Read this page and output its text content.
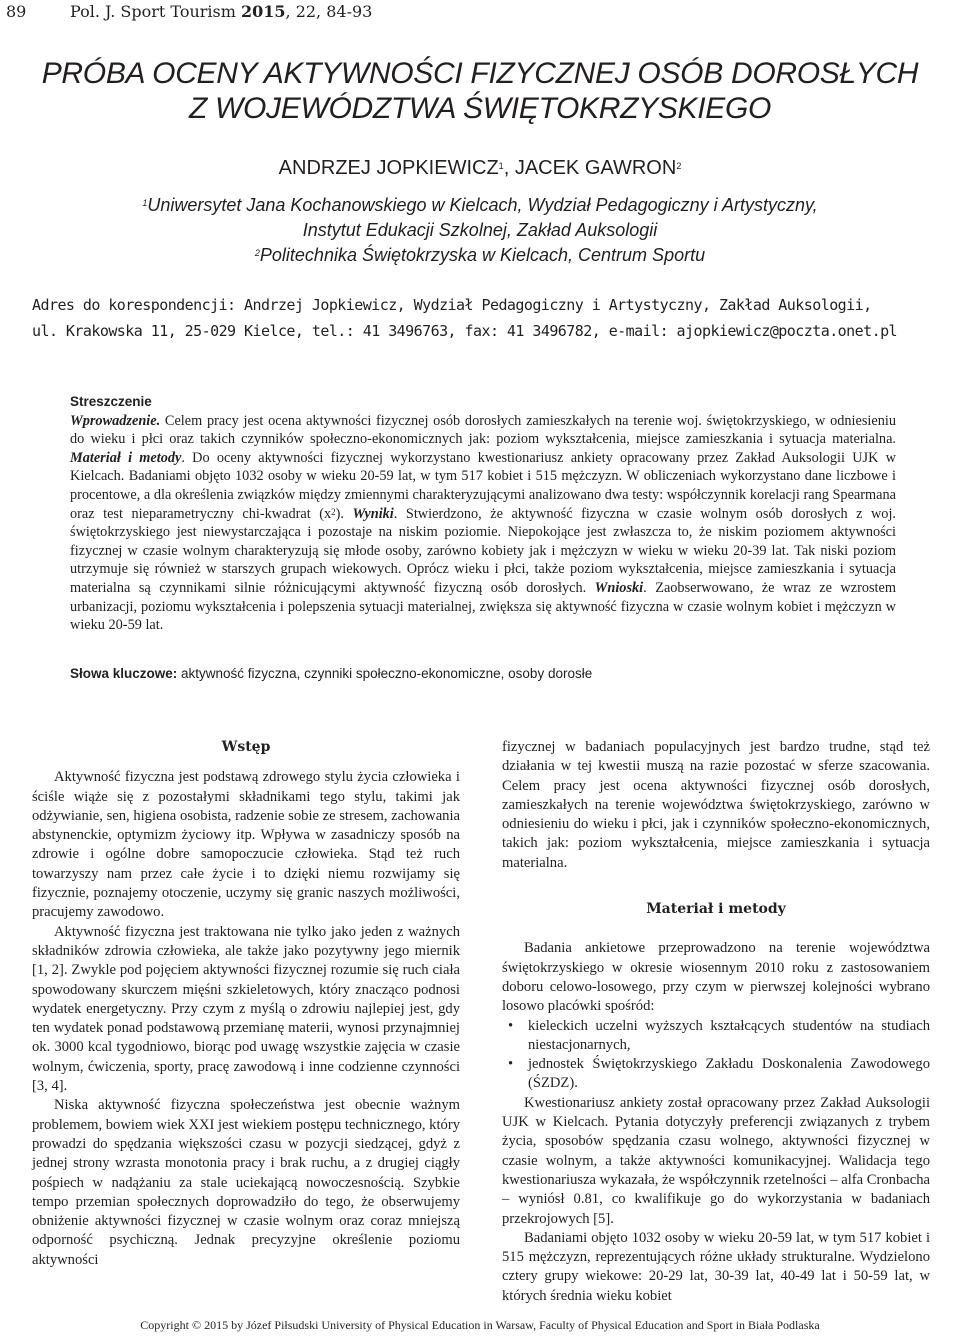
89	Pol. J. Sport Tourism 2015, 22, 84-93
PRÓBA OCENY AKTYWNOŚCI FIZYCZNEJ OSÓB DOROSŁYCH
Z WOJEWÓDZTWA ŚWIĘTOKRZYSKIEGO
ANDRZEJ JOPKIEWICZ$^1$, JACEK GAWRON$^2$
$^1$Uniwersytet Jana Kochanowskiego w Kielcach, Wydział Pedagogiczny i Artystyczny,
Instytut Edukacji Szkolnej, Zakład Auksologii
$^2$Politechnika Świętokrzyska w Kielcach, Centrum Sportu
Adres do korespondencji: Andrzej Jopkiewicz, Wydział Pedagogiczny i Artystyczny, Zakład Auksologii,
ul. Krakowska 11, 25-029 Kielce, tel.: 41 3496763, fax: 41 3496782, e-mail: ajopkiewicz@poczta.onet.pl
Streszczenie
Wprowadzenie. Celem pracy jest ocena aktywności fizycznej osób dorosłych zamieszkałych na terenie woj. świętokrzyskiego, w odniesieniu do wieku i płci oraz takich czynników społeczno-ekonomicznych jak: poziom wykształcenia, miejsce zamieszkania i sytuacja materialna. Materiał i metody. Do oceny aktywności fizycznej wykorzystano kwestionariusz ankiety opracowany przez Zakład Auksologii UJK w Kielcach. Badaniami objęto 1032 osoby w wieku 20-59 lat, w tym 517 kobiet i 515 mężczyzn. W obliczeniach wykorzystano dane liczbowe i procentowe, a dla określenia związków między zmiennymi charakteryzującymi analizowano dwa testy: współczynnik korelacji rang Spearmana oraz test nieparametryczny chi-kwadrat $(x^2)$. Wyniki. Stwierdzono, że aktywność fizyczna w czasie wolnym osób dorosłych z woj. świętokrzyskiego jest niewystarczająca i pozostaje na niskim poziomie. Niepokojące jest zwłaszcza to, że niskim poziomem aktywności fizycznej w czasie wolnym charakteryzują się młode osoby, zarówno kobiety jak i mężczyzn w wieku w wieku 20-39 lat. Tak niski poziom utrzymuje się również w starszych grupach wiekowych. Oprócz wieku i płci, także poziom wykształcenia, miejsce zamieszkania i sytuacja materialna są czynnikami silnie różnicującymi aktywność fizyczną osób dorosłych. Wnioski. Zaobserwowano, że wraz ze wzrostem urbanizacji, poziomu wykształcenia i polepszenia sytuacji materialnej, zwiększa się aktywność fizyczna w czasie wolnym kobiet i mężczyzn w wieku 20-59 lat.
Słowa kluczowe: aktywność fizyczna, czynniki społeczno-ekonomiczne, osoby dorosłe

Wstęp

Aktywność fizyczna jest podstawą zdrowego stylu życia człowieka i ściśle wiąże się z pozostałymi składnikami tego stylu, takimi jak odżywianie, sen, higiena osobista, radzenie sobie ze stresem, zachowania abstynenckie, optymizm życiowy itp. Wpływa w zasadniczy sposób na zdrowie i ogólne dobre samopoczucie człowieka. Stąd też ruch towarzyszy nam przez całe życie i to dzięki niemu rozwijamy się fizycznie, poznajemy otoczenie, uczymy się granic naszych możliwości, pracujemy zawodowo.

Aktywność fizyczna jest traktowana nie tylko jako jeden z ważnych składników zdrowia człowieka, ale także jako pozytywny jego miernik [1, 2]. Zwykle pod pojęciem aktywności fizycznej rozumie się ruch ciała spowodowany skurczem mięśni szkieletowych, który znacząco podnosi wydatek energetyczny. Przy czym z myślą o zdrowiu najlepiej jest, gdy ten wydatek ponad podstawową przemianę materii, wynosi przynajmniej ok. 3000 kcal tygodniowo, biorąc pod uwagę wszystkie zajęcia w czasie wolnym, ćwiczenia, sporty, pracę zawodową i inne codzienne czynności [3, 4].

Niska aktywność fizyczna społeczeństwa jest obecnie ważnym problemem, bowiem wiek XXI jest wiekiem postępu technicznego, który prowadzi do spędzania większości czasu w pozycji siedzącej, gdyż z jednej strony wzrasta monotonia pracy i brak ruchu, a z drugiej ciągły pośpiech w nadążaniu za stale uciekającą nowoczesnością. Szybkie tempo przemian społecznych doprowadziło do tego, że obserwujemy obniżenie aktywności fizycznej w czasie wolnym oraz coraz mniejszą odporność psychiczną. Jednak precyzyjne określenie poziomu aktywności

fizycznej w badaniach populacyjnych jest bardzo trudne, stąd też działania w tej kwestii muszą na razie pozostać w sferze szacowania. Celem pracy jest ocena aktywności fizycznej osób dorosłych, zamieszkałych na terenie województwa świętokrzyskiego, zarówno w odniesieniu do wieku i płci, jak i czynników społeczno-ekonomicznych, takich jak: poziom wykształcenia, miejsce zamieszkania i sytuacja materialna.

Materiał i metody

Badania ankietowe przeprowadzono na terenie województwa świętokrzyskiego w okresie wiosennym 2010 roku z zastosowaniem doboru celowo-losowego, przy czym w pierwszej kolejności wybrano losowo placówki spośród:

• kieleckich uczelni wyższych kształcących studentów na studiach niestacjonarnych,
• jednostek Świętokrzyskiego Zakładu Doskonalenia Zawodowego (ŚZDZ).

Kwestionariusz ankiety został opracowany przez Zakład Auksologii UJK w Kielcach. Pytania dotyczyły preferencji związanych z trybem życia, sposobów spędzania czasu wolnego, aktywności fizycznej w czasie wolnym, a także aktywności komunikacyjnej. Walidacja tego kwestionariusza wykazała, że współczynnik rzetelności – alfa Cronbacha – wyniósł 0.81, co kwalifikuje go do wykorzystania w badaniach przekrojowych [5].

Badaniami objęto 1032 osoby w wieku 20-59 lat, w tym 517 kobiet i 515 mężczyzn, reprezentujących różne układy strukturalne. Wydzielono cztery grupy wiekowe: 20-29 lat, 30-39 lat, 40-49 lat i 50-59 lat, w których średnia wieku kobiet

Copyright © 2015 by Józef Piłsudski University of Physical Education in Warsaw, Faculty of Physical Education and Sport in Biała Podlaska
